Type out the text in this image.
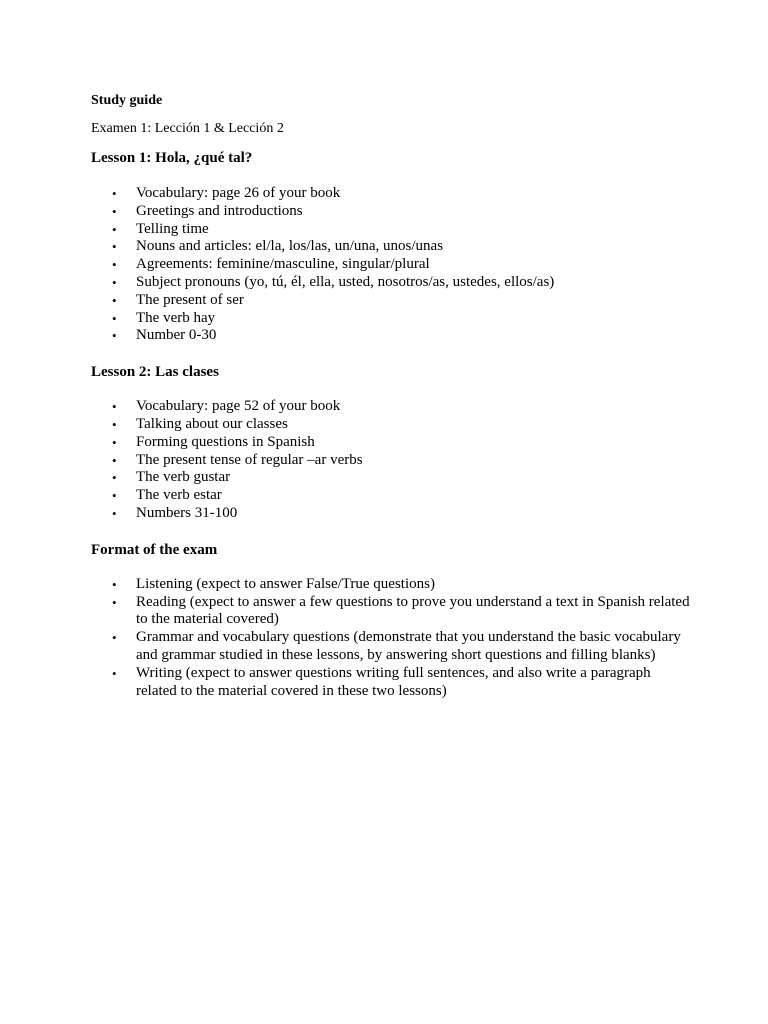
Study guide

Examen 1: Lección 1 & Lección 2

Lesson 1: Hola, ¿qué tal?

•	Vocabulary: page 26 of your book
•	Greetings and introductions
•	Telling time
•	Nouns and articles: el/la, los/las, un/una, unos/unas
•	Agreements: feminine/masculine, singular/plural
•	Subject pronouns (yo, tú, él, ella, usted, nosotros/as, ustedes, ellos/as)
•	The present of ser
•	The verb hay
•	Number 0-30

Lesson 2: Las clases

•	Vocabulary: page 52 of your book
•	Talking about our classes
•	Forming questions in Spanish
•	The present tense of regular –ar verbs
•	The verb gustar
•	The verb estar
•	Numbers 31-100

Format of the exam

•	Listening (expect to answer False/True questions)
•	Reading (expect to answer a few questions to prove you understand a text in Spanish related to the material covered)
•	Grammar and vocabulary questions (demonstrate that you understand the basic vocabulary and grammar studied in these lessons, by answering short questions and filling blanks)
•	Writing (expect to answer questions writing full sentences, and also write a paragraph related to the material covered in these two lessons)
